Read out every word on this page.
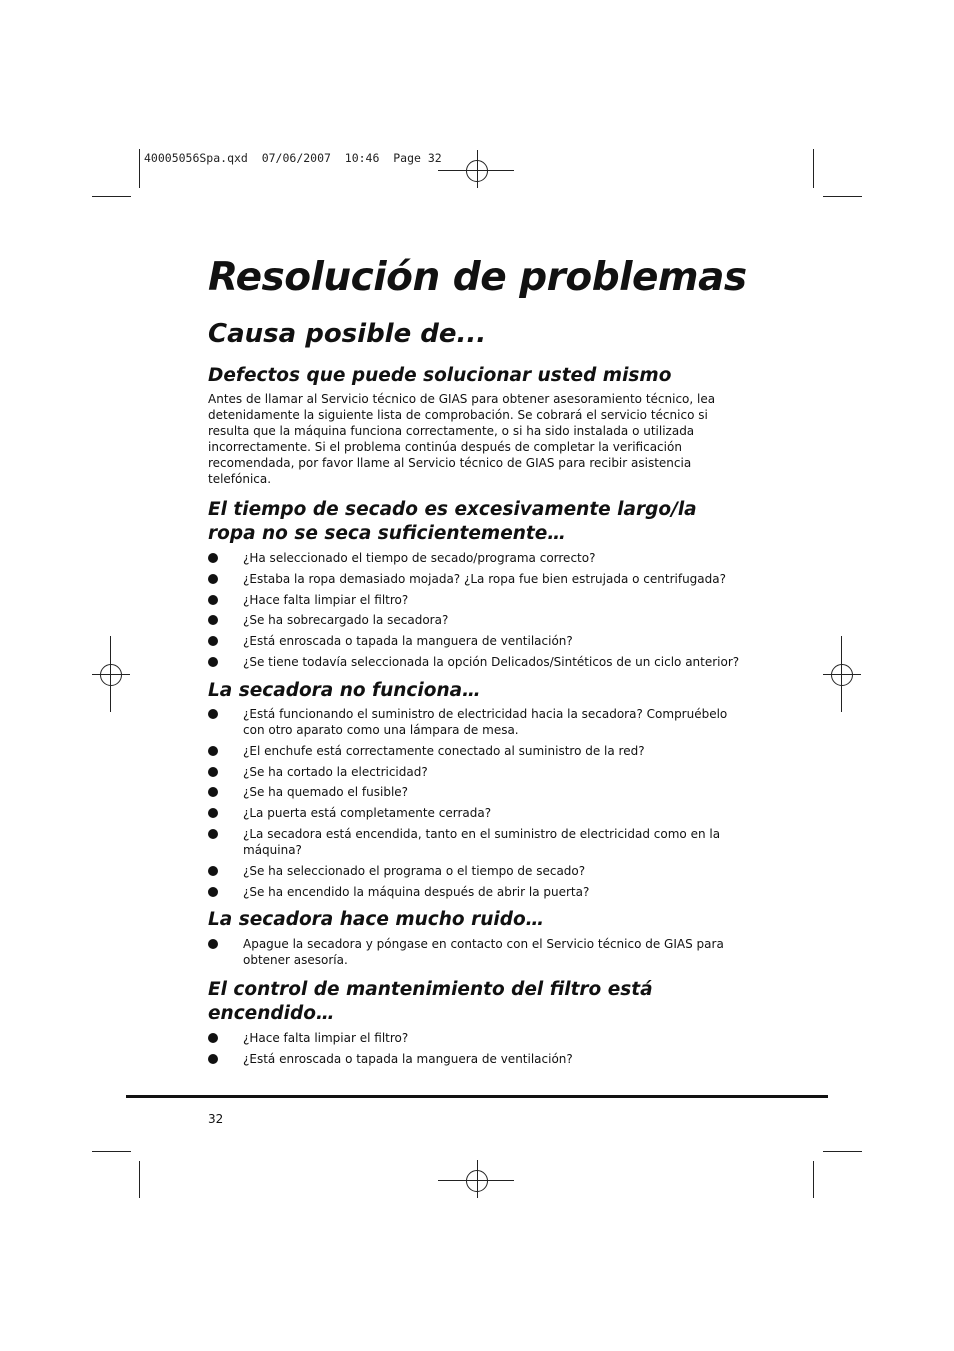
40005056Spa.qxd  07/06/2007  10:46  Page 32
Resolución de problemas
Causa posible de...
Defectos que puede solucionar usted mismo

Antes de llamar al Servicio técnico de GIAS para obtener asesoramiento técnico, lea detenidamente la siguiente lista de comprobación. Se cobrará el servicio técnico si resulta que la máquina funciona correctamente, o si ha sido instalada o utilizada incorrectamente. Si el problema continúa después de completar la verificación recomendada, por favor llame al Servicio técnico de GIAS para recibir asistencia telefónica.

El tiempo de secado es excesivamente largo/la ropa no se seca suficientemente…
¿Ha seleccionado el tiempo de secado/programa correcto?
¿Estaba la ropa demasiado mojada? ¿La ropa fue bien estrujada o centrifugada?
¿Hace falta limpiar el filtro?
¿Se ha sobrecargado la secadora?
¿Está enroscada o tapada la manguera de ventilación?
¿Se tiene todavía seleccionada la opción Delicados/Sintéticos de un ciclo anterior?
La secadora no funciona…
¿Está funcionando el suministro de electricidad hacia la secadora? Compruébelo con otro aparato como una lámpara de mesa.
¿El enchufe está correctamente conectado al suministro de la red?
¿Se ha cortado la electricidad?
¿Se ha quemado el fusible?
¿La puerta está completamente cerrada?
¿La secadora está encendida, tanto en el suministro de electricidad como en la máquina?
¿Se ha seleccionado el programa o el tiempo de secado?
¿Se ha encendido la máquina después de abrir la puerta?
La secadora hace mucho ruido…
Apague la secadora y póngase en contacto con el Servicio técnico de GIAS para obtener asesoría.
El control de mantenimiento del filtro está encendido…
¿Hace falta limpiar el filtro?
¿Está enroscada o tapada la manguera de ventilación?
32
